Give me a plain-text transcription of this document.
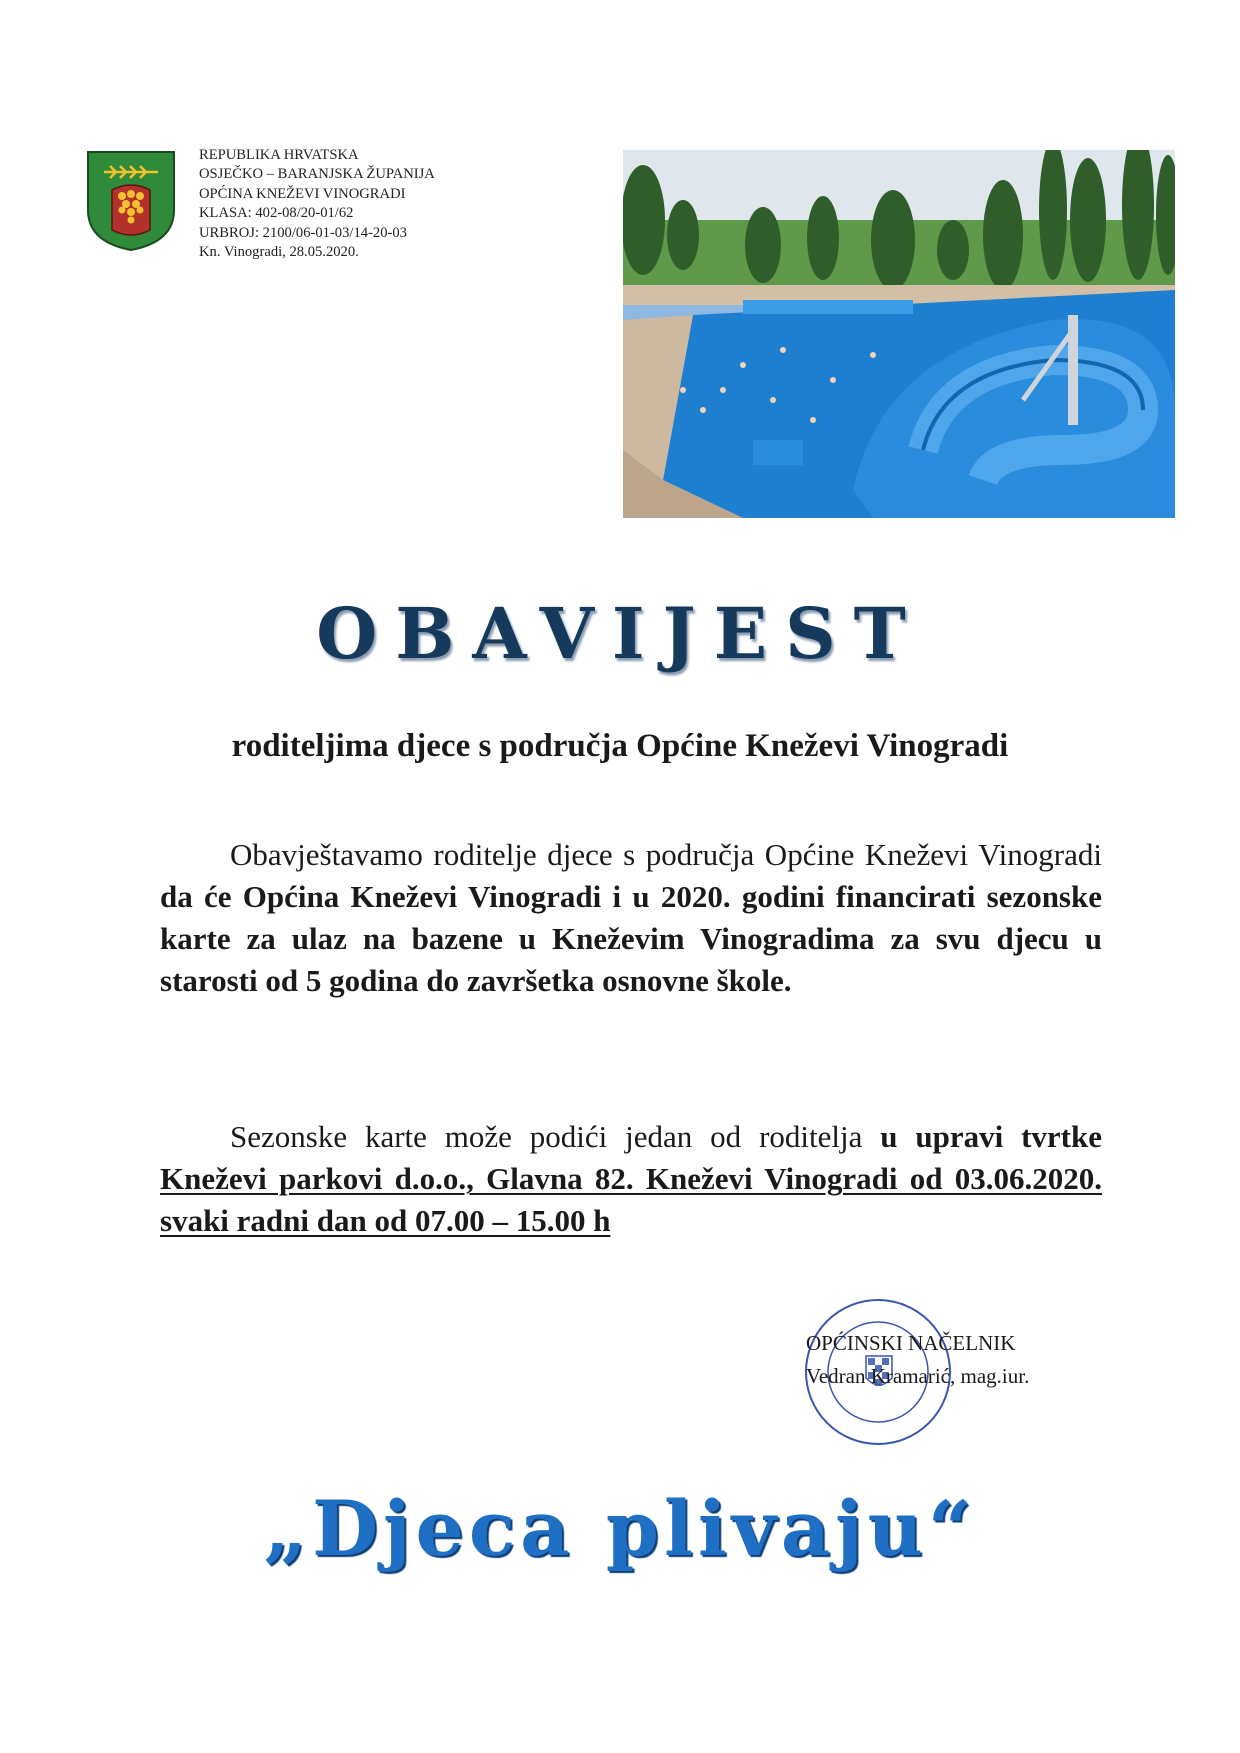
REPUBLIKA HRVATSKA
OSJEČKO – BARANJSKA ŽUPANIJA
OPĆINA KNEŽEVI VINOGRADI
KLASA: 402-08/20-01/62
URBROJ: 2100/06-01-03/14-20-03
Kn. Vinogradi, 28.05.2020.
OBAVIJEST
roditeljima djece s područja Općine Kneževi Vinogradi
Obavještavamo roditelje djece s područja Općine Kneževi Vinogradi da će Općina Kneževi Vinogradi i u 2020. godini financirati sezonske karte za ulaz na bazene u Kneževim Vinogradima za svu djecu u starosti od 5 godina do završetka osnovne škole.
Sezonske karte može podići jedan od roditelja u upravi tvrtke Kneževi parkovi d.o.o., Glavna 82. Kneževi Vinogradi od 03.06.2020. svaki radni dan od 07.00 – 15.00 h
OPĆINSKI NAČELNIK
Vedran Kramarić, mag.iur.
„Djeca plivaju“
